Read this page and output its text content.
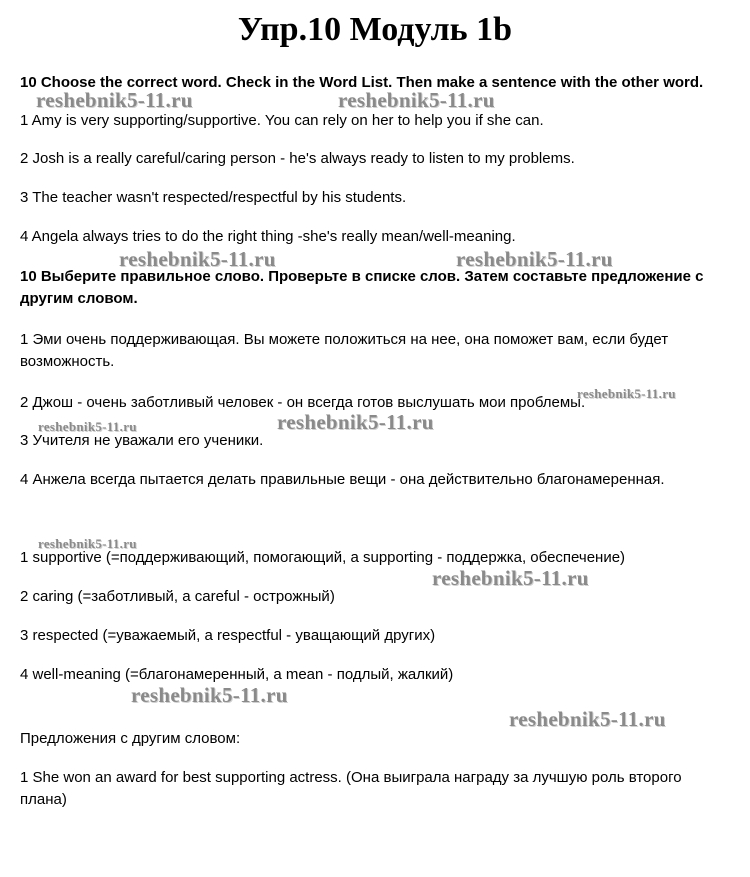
Упр.10 Модуль 1b
10 Choose the correct word. Check in the Word List. Then make a sentence with the other word.
1 Amy is very supporting/supportive. You can rely on her to help you if she can.
2 Josh is a really careful/caring person - he's always ready to listen to my problems.
3 The teacher wasn't respected/respectful by his students.
4 Angela always tries to do the right thing -she's really mean/well-meaning.
10 Выберите правильное слово. Проверьте в списке слов. Затем составьте предложение с другим словом.
1 Эми очень поддерживающая. Вы можете положиться на нее, она поможет вам, если будет возможность.
2 Джош - очень заботливый человек - он всегда готов выслушать мои проблемы.
3 Учителя не уважали его ученики.
4 Анжела всегда пытается делать правильные вещи - она действительно благонамеренная.
1 supportive (=поддерживающий, помогающий, a supporting - поддержка, обеспечение)
2 caring (=заботливый, a careful - острожный)
3 respected (=уважаемый, a respectful - увaщающий других)
4 well-meaning (=благонамеренный, a mean - подлый, жалкий)
Предложения с другим словом:
1 She won an award for best supporting actress. (Она выиграла награду за лучшую роль второго плана)
reshebnik5-11.ru	reshebnik5-11.ru
reshebnik5-11.ru	reshebnik5-11.ru
reshebnik5-11.ru
reshebnik5-11.ru
reshebnik5-11.ru
reshebnik5-11.ru
reshebnik5-11.ru
reshebnik5-11.ru
reshebnik5-11.ru
